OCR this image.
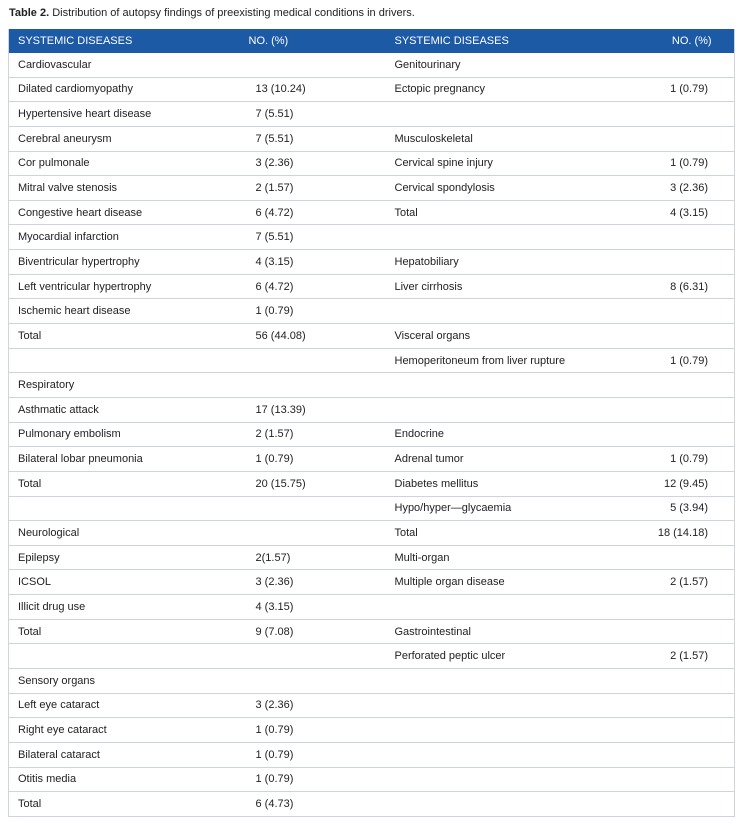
Table 2. Distribution of autopsy findings of preexisting medical conditions in drivers.
SYSTEMIC DISEASES	NO. (%)	SYSTEMIC DISEASES	NO. (%)
Cardiovascular		Genitourinary	
Dilated cardiomyopathy	13 (10.24)	Ectopic pregnancy	1 (0.79)
Hypertensive heart disease	7 (5.51)		
Cerebral aneurysm	7 (5.51)	Musculoskeletal	
Cor pulmonale	3 (2.36)	Cervical spine injury	1 (0.79)
Mitral valve stenosis	2 (1.57)	Cervical spondylosis	3 (2.36)
Congestive heart disease	6 (4.72)	Total	4 (3.15)
Myocardial infarction	7 (5.51)		
Biventricular hypertrophy	4 (3.15)	Hepatobiliary	
Left ventricular hypertrophy	6 (4.72)	Liver cirrhosis	8 (6.31)
Ischemic heart disease	1 (0.79)		
Total	56 (44.08)	Visceral organs	
		Hemoperitoneum from liver rupture	1 (0.79)
Respiratory			
Asthmatic attack	17 (13.39)		
Pulmonary embolism	2 (1.57)	Endocrine	
Bilateral lobar pneumonia	1 (0.79)	Adrenal tumor	1 (0.79)
Total	20 (15.75)	Diabetes mellitus	12 (9.45)
		Hypo/hyper—glycaemia	5 (3.94)
Neurological		Total	18 (14.18)
Epilepsy	2(1.57)	Multi-organ	
ICSOL	3 (2.36)	Multiple organ disease	2 (1.57)
Illicit drug use	4 (3.15)		
Total	9 (7.08)	Gastrointestinal	
		Perforated peptic ulcer	2 (1.57)
Sensory organs			
Left eye cataract	3 (2.36)		
Right eye cataract	1 (0.79)		
Bilateral cataract	1 (0.79)		
Otitis media	1 (0.79)		
Total	6 (4.73)		
